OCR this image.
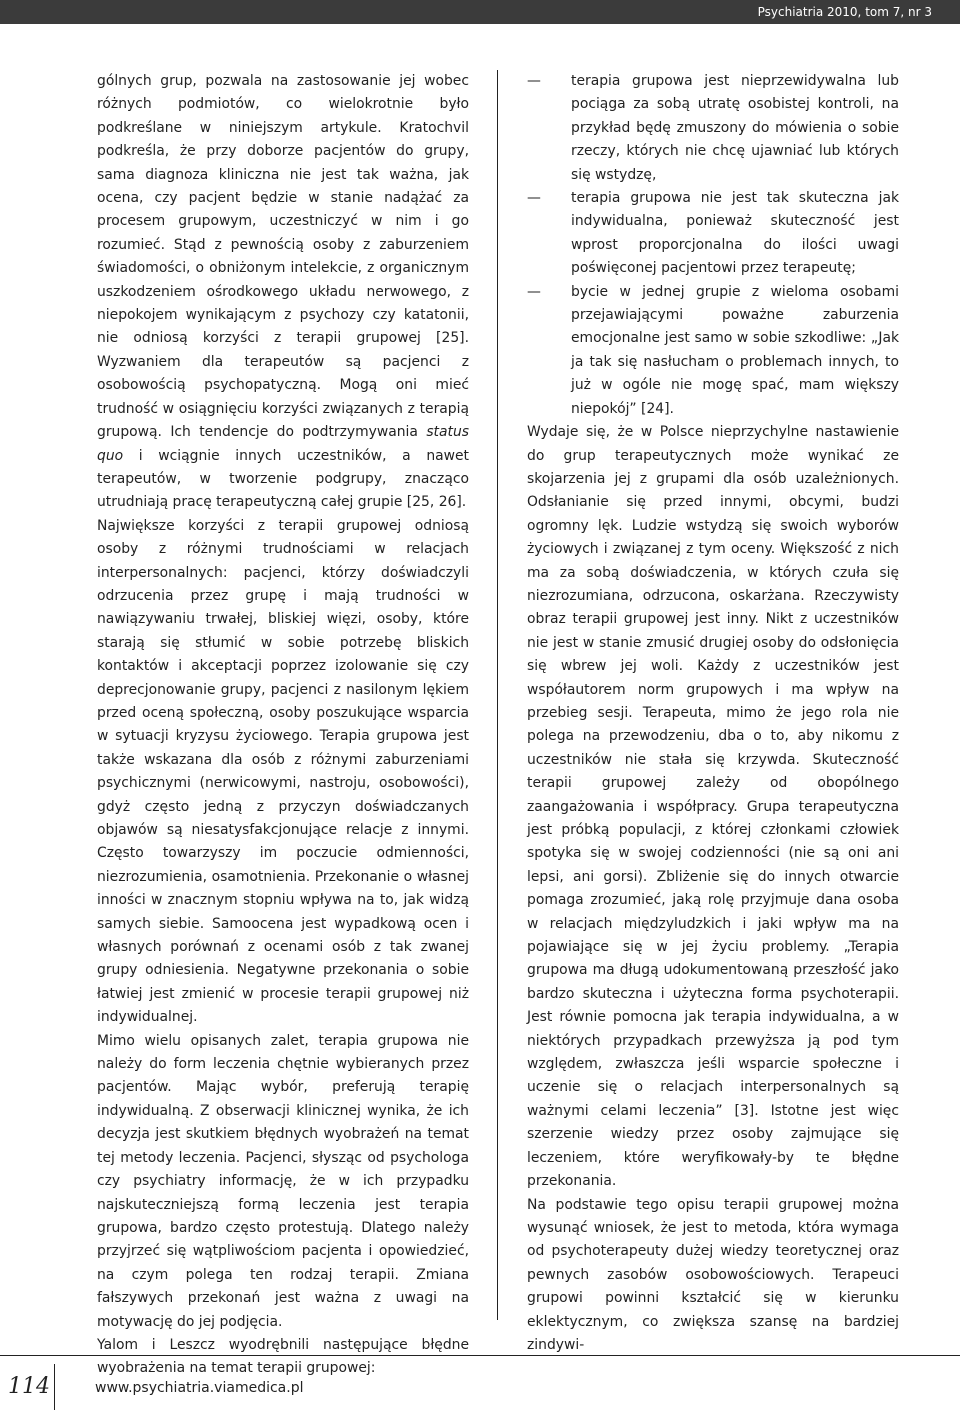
Psychiatria 2010, tom 7, nr 3

gólnych grup, pozwala na zastosowanie jej wobec różnych podmiotów, co wielokrotnie było podkreślane w niniejszym artykule. Kratochvil podkreśla, że przy doborze pacjentów do grupy, sama diagnoza kliniczna nie jest tak ważna, jak ocena, czy pacjent będzie w stanie nadążać za procesem grupowym, uczestniczyć w nim i go rozumieć. Stąd z pewnością osoby z zaburzeniem świadomości, o obniżonym intelekcie, z organicznym uszkodzeniem ośrodkowego układu nerwowego, z niepokojem wynikającym z psychozy czy katatonii, nie odniosą korzyści z terapii grupowej [25]. Wyzwaniem dla terapeutów są pacjenci z osobowością psychopatyczną. Mogą oni mieć trudność w osiągnięciu korzyści związanych z terapią grupową. Ich tendencje do podtrzymywania status quo i wciągnie innych uczestników, a nawet terapeutów, w tworzenie podgrupy, znacząco utrudniają pracę terapeutyczną całej grupie [25, 26].

Największe korzyści z terapii grupowej odniosą osoby z różnymi trudnościami w relacjach interpersonalnych: pacjenci, którzy doświadczyli odrzucenia przez grupę i mają trudności w nawiązywaniu trwałej, bliskiej więzi, osoby, które starają się stłumić w sobie potrzebę bliskich kontaktów i akceptacji poprzez izolowanie się czy deprecjonowanie grupy, pacjenci z nasilonym lękiem przed oceną społeczną, osoby poszukujące wsparcia w sytuacji kryzysu życiowego. Terapia grupowa jest także wskazana dla osób z różnymi zaburzeniami psychicznymi (nerwicowymi, nastroju, osobowości), gdyż często jedną z przyczyn doświadczanych objawów są niesatysfakcjonujące relacje z innymi. Często towarzyszy im poczucie odmienności, niezrozumienia, osamotnienia. Przekonanie o własnej inności w znacznym stopniu wpływa na to, jak widzą samych siebie. Samoocena jest wypadkową ocen i własnych porównań z ocenami osób z tak zwanej grupy odniesienia. Negatywne przekonania o sobie łatwiej jest zmienić w procesie terapii grupowej niż indywidualnej.

Mimo wielu opisanych zalet, terapia grupowa nie należy do form leczenia chętnie wybieranych przez pacjentów. Mając wybór, preferują terapię indywidualną. Z obserwacji klinicznej wynika, że ich decyzja jest skutkiem błędnych wyobrażeń na temat tej metody leczenia. Pacjenci, słysząc od psychologa czy psychiatry informację, że w ich przypadku najskuteczniejszą formą leczenia jest terapia grupowa, bardzo często protestują. Dlatego należy przyjrzeć się wątpliwościom pacjenta i opowiedzieć, na czym polega ten rodzaj terapii. Zmiana fałszywych przekonań jest ważna z uwagi na motywację do jej podjęcia.

Yalom i Leszcz wyodrębnili następujące błędne wyobrażenia na temat terapii grupowej:

— terapia grupowa jest nieprzewidywalna lub pociąga za sobą utratę osobistej kontroli, na przykład będę zmuszony do mówienia o sobie rzeczy, których nie chcę ujawniać lub których się wstydzę,
— terapia grupowa nie jest tak skuteczna jak indywidualna, ponieważ skuteczność jest wprost proporcjonalna do ilości uwagi poświęconej pacjentowi przez terapeutę;
— bycie w jednej grupie z wieloma osobami przejawiającymi poważne zaburzenia emocjonalne jest samo w sobie szkodliwe: „Jak ja tak się nasłucham o problemach innych, to już w ogóle nie mogę spać, mam większy niepokój” [24].

Wydaje się, że w Polsce nieprzychylne nastawienie do grup terapeutycznych może wynikać ze skojarzenia jej z grupami dla osób uzależnionych. Odsłanianie się przed innymi, obcymi, budzi ogromny lęk. Ludzie wstydzą się swoich wyborów życiowych i związanej z tym oceny. Większość z nich ma za sobą doświadczenia, w których czuła się niezrozumiana, odrzucona, oskarżana. Rzeczywisty obraz terapii grupowej jest inny. Nikt z uczestników nie jest w stanie zmusić drugiej osoby do odsłonięcia się wbrew jej woli. Każdy z uczestników jest współautorem norm grupowych i ma wpływ na przebieg sesji. Terapeuta, mimo że jego rola nie polega na przewodzeniu, dba o to, aby nikomu z uczestników nie stała się krzywda. Skuteczność terapii grupowej zależy od obopólnego zaangażowania i współpracy. Grupa terapeutyczna jest próbką populacji, z której członkami człowiek spotyka się w swojej codzienności (nie są oni ani lepsi, ani gorsi). Zbliżenie się do innych otwarcie pomaga zrozumieć, jaką rolę przyjmuje dana osoba w relacjach międzyludzkich i jaki wpływ ma na pojawiające się w jej życiu problemy. „Terapia grupowa ma długą udokumentowaną przeszłość jako bardzo skuteczna i użyteczna forma psychoterapii. Jest równie pomocna jak terapia indywidualna, a w niektórych przypadkach przewyższa ją pod tym względem, zwłaszcza jeśli wsparcie społeczne i uczenie się o relacjach interpersonalnych są ważnymi celami leczenia” [3]. Istotne jest więc szerzenie wiedzy przez osoby zajmujące się leczeniem, które weryfikowały-by te błędne przekonania.

Na podstawie tego opisu terapii grupowej można wysunąć wniosek, że jest to metoda, która wymaga od psychoterapeuty dużej wiedzy teoretycznej oraz pewnych zasobów osobowościowych. Terapeuci grupowi powinni kształcić się w kierunku eklektycznym, co zwiększa szansę na bardziej zindywi-

114	www.psychiatria.viamedica.pl
